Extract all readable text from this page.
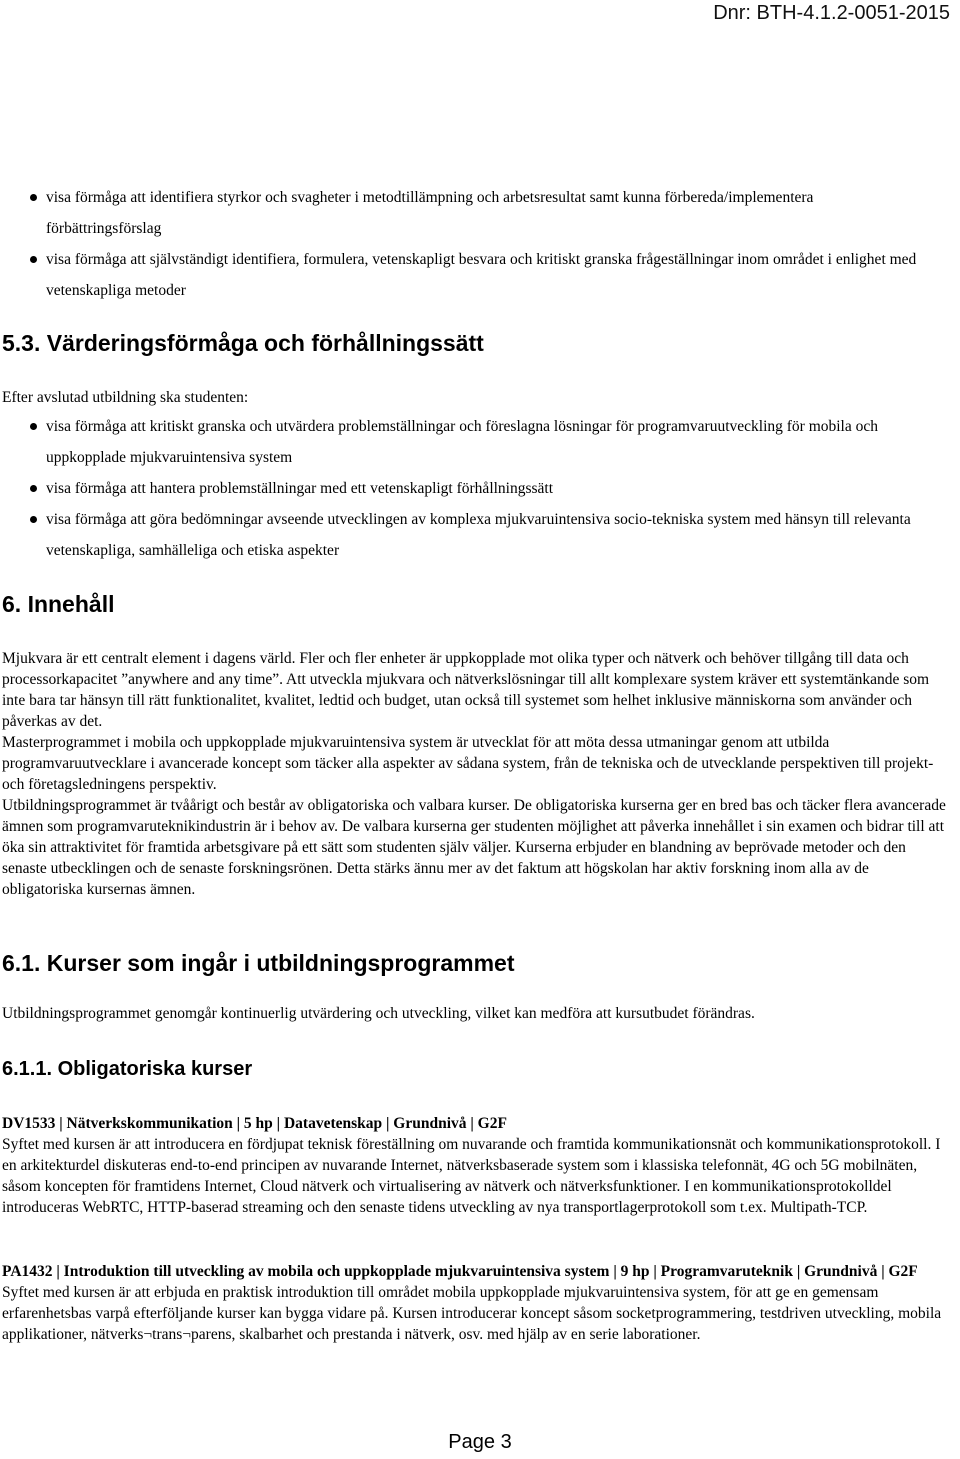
Dnr: BTH-4.1.2-0051-2015
visa förmåga att identifiera styrkor och svagheter i metodtillämpning och arbetsresultat samt kunna förbereda/implementera förbättringsförslag
visa förmåga att självständigt identifiera, formulera, vetenskapligt besvara och kritiskt granska frågeställningar inom området i enlighet med vetenskapliga metoder
5.3. Värderingsförmåga och förhållningssätt
Efter avslutad utbildning ska studenten:
visa förmåga att kritiskt granska och utvärdera problemställningar och föreslagna lösningar för programvaruutveckling för mobila och uppkopplade mjukvaruintensiva system
visa förmåga att hantera problemställningar med ett vetenskapligt förhållningssätt
visa förmåga att göra bedömningar avseende utvecklingen av komplexa mjukvaruintensiva socio-tekniska system med hänsyn till relevanta vetenskapliga, samhälleliga och etiska aspekter
6. Innehåll

Mjukvara är ett centralt element i dagens värld. Fler och fler enheter är uppkopplade mot olika typer och nätverk och behöver tillgång till data och processorkapacitet ”anywhere and any time”. Att utveckla mjukvara och nätverkslösningar till allt komplexare system kräver ett systemtänkande som inte bara tar hänsyn till rätt funktionalitet, kvalitet, ledtid och budget, utan också till systemet som helhet inklusive människorna som använder och påverkas av det.

Masterprogrammet i mobila och uppkopplade mjukvaruintensiva system är utvecklat för att möta dessa utmaningar genom att utbilda programvaruutvecklare i avancerade koncept som täcker alla aspekter av sådana system, från de tekniska och de utvecklande perspektiven till projekt- och företagsledningens perspektiv.

Utbildningsprogrammet är tvåårigt och består av obligatoriska och valbara kurser. De obligatoriska kurserna ger en bred bas och täcker flera avancerade ämnen som programvaruteknikindustrin är i behov av. De valbara kurserna ger studenten möjlighet att påverka innehållet i sin examen och bidrar till att öka sin attraktivitet för framtida arbetsgivare på ett sätt som studenten själv väljer. Kurserna erbjuder en blandning av beprövade metoder och den senaste utbecklingen och de senaste forskningsrönen. Detta stärks ännu mer av det faktum att högskolan har aktiv forskning inom alla av de obligatoriska kursernas ämnen.

6.1. Kurser som ingår i utbildningsprogrammet
Utbildningsprogrammet genomgår kontinuerlig utvärdering och utveckling, vilket kan medföra att kursutbudet förändras.
6.1.1. Obligatoriska kurser
DV1533 | Nätverkskommunikation | 5 hp | Datavetenskap | Grundnivå | G2F
Syftet med kursen är att introducera en fördjupat teknisk föreställning om nuvarande och framtida kommunikationsnät och kommunikationsprotokoll. I en arkitekturdel diskuteras end-to-end principen av nuvarande Internet, nätverksbaserade system som i klassiska telefonnät, 4G och 5G mobilnäten, såsom koncepten för framtidens Internet, Cloud nätverk och virtualisering av nätverk och nätverksfunktioner. I en kommunikationsprotokolldel introduceras WebRTC, HTTP-baserad streaming och den senaste tidens utveckling av nya transportlagerprotokoll som t.ex. Multipath-TCP.
PA1432 | Introduktion till utveckling av mobila och uppkopplade mjukvaruintensiva system | 9 hp | Programvaruteknik | Grundnivå | G2F
Syftet med kursen är att erbjuda en praktisk introduktion till området mobila uppkopplade mjukvaruintensiva system, för att ge en gemensam erfarenhetsbas varpå efterföljande kurser kan bygga vidare på. Kursen introducerar koncept såsom socketprogrammering, testdriven utveckling, mobila applikationer, nätverks¬trans¬parens, skalbarhet och prestanda i nätverk, osv. med hjälp av en serie laborationer.
Page 3
